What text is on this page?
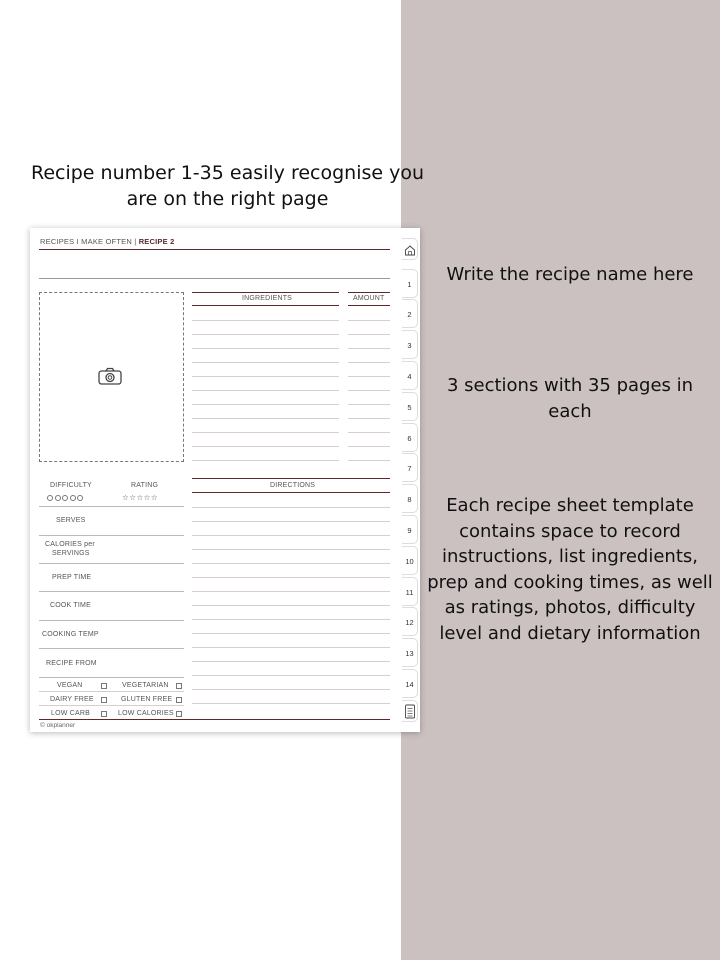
Recipe number 1-35 easily recognise you are on the right page
Write the recipe name here
3 sections with 35 pages in each
Each recipe sheet template contains space to record instructions, list ingredients, prep and cooking times, as well as ratings, photos, difficulty level and dietary information
RECIPES I MAKE OFTEN | RECIPE 2
INGREDIENTS	AMOUNT
DIRECTIONS
DIFFICULTY	RATING
☆☆☆☆☆
SERVES
CALORIES per
SERVINGS
PREP TIME
COOK TIME
COOKING TEMP
RECIPE FROM
VEGAN	VEGETARIAN
DAIRY FREE	GLUTEN FREE
LOW CARB	LOW CALORIES
© okplanner
1
2
3
4
5
6
7
8
9
10
11
12
13
14
